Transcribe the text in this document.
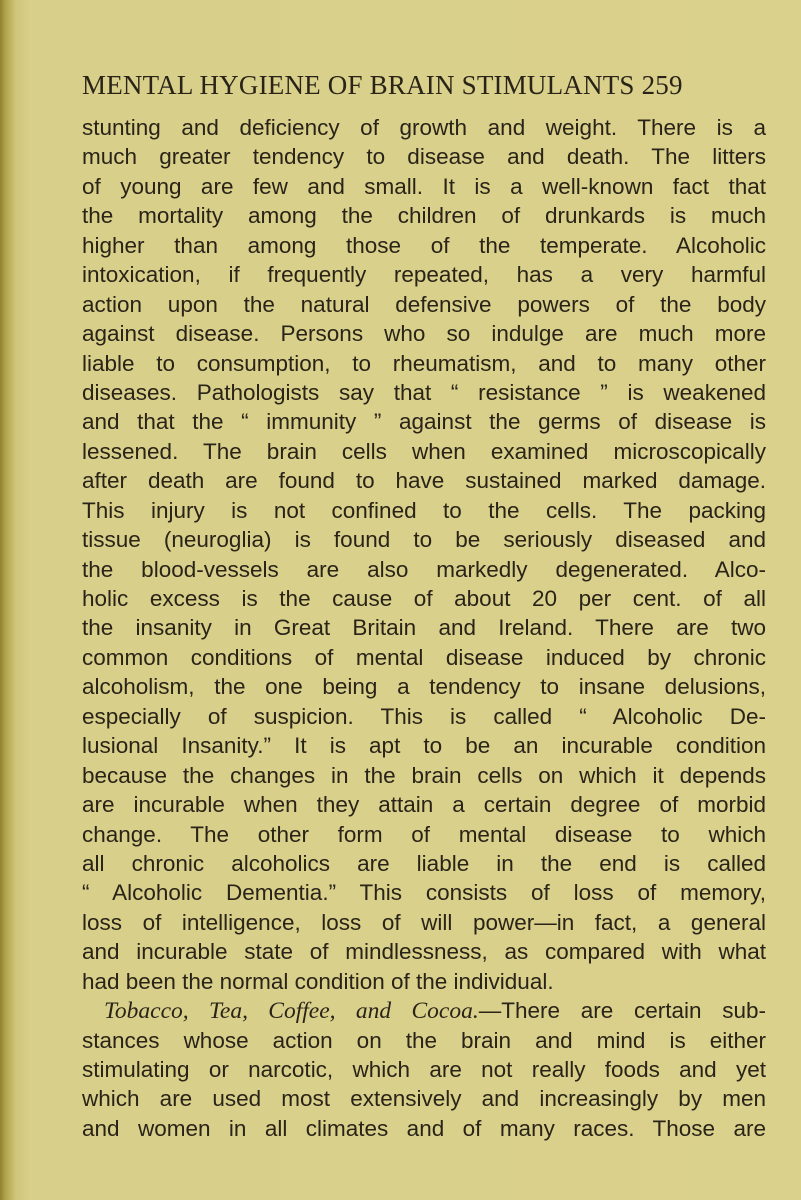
MENTAL HYGIENE OF BRAIN STIMULANTS 259
stunting and deficiency of growth and weight. There is a
much greater tendency to disease and death. The litters
of young are few and small. It is a well-known fact that
the mortality among the children of drunkards is much
higher than among those of the temperate. Alcoholic
intoxication, if frequently repeated, has a very harmful
action upon the natural defensive powers of the body
against disease. Persons who so indulge are much more
liable to consumption, to rheumatism, and to many other
diseases. Pathologists say that “ resistance ” is weakened
and that the “ immunity ” against the germs of disease is
lessened. The brain cells when examined microscopically
after death are found to have sustained marked damage.
This injury is not confined to the cells. The packing
tissue (neuroglia) is found to be seriously diseased and
the blood-vessels are also markedly degenerated. Alco-
holic excess is the cause of about 20 per cent. of all
the insanity in Great Britain and Ireland. There are two
common conditions of mental disease induced by chronic
alcoholism, the one being a tendency to insane delusions,
especially of suspicion. This is called “ Alcoholic De-
lusional Insanity.” It is apt to be an incurable condition
because the changes in the brain cells on which it depends
are incurable when they attain a certain degree of morbid
change. The other form of mental disease to which
all chronic alcoholics are liable in the end is called
“ Alcoholic Dementia.” This consists of loss of memory,
loss of intelligence, loss of will power—in fact, a general
and incurable state of mindlessness, as compared with what
had been the normal condition of the individual.
Tobacco, Tea, Coffee, and Cocoa.—There are certain sub-
stances whose action on the brain and mind is either
stimulating or narcotic, which are not really foods and yet
which are used most extensively and increasingly by men
and women in all climates and of many races. Those are
